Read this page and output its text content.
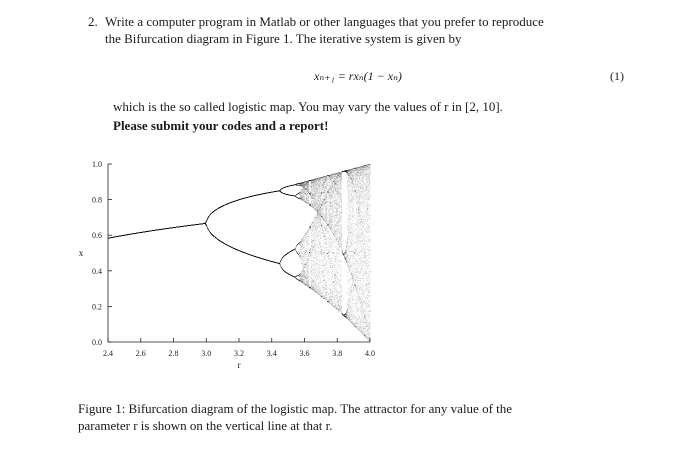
2. Write a computer program in Matlab or other languages that you prefer to reproduce
the Bifurcation diagram in Figure 1. The iterative system is given by
xₙ₊₁ = rxₙ(1 − xₙ)	(1)
which is the so called logistic map. You may vary the values of r in [2, 10].
Please submit your codes and a report!
2.4	2.6	2.8	3.0	3.2	3.4	3.6	3.8	4.0
0.0
0.2
0.4
0.6
0.8
1.0
x
r
Figure 1: Bifurcation diagram of the logistic map. The attractor for any value of the
parameter r is shown on the vertical line at that r.
